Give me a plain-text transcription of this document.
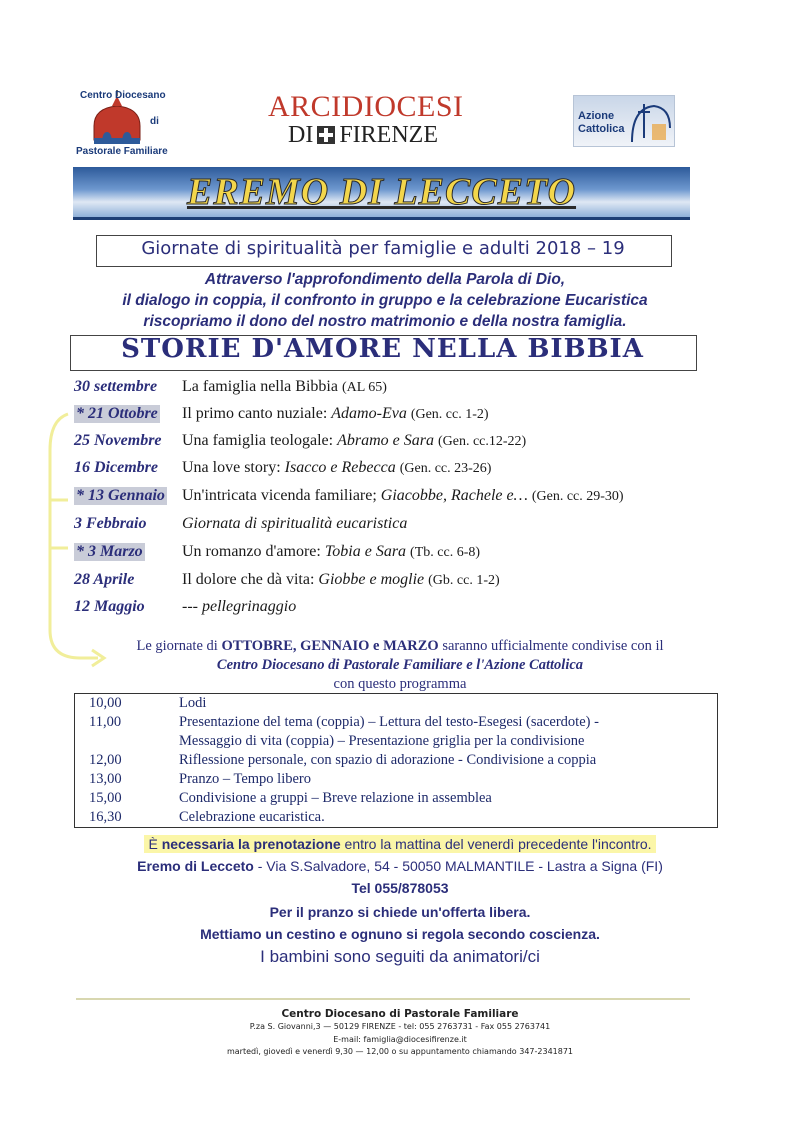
Centro Diocesano
di
Pastorale Familiare
ARCIDIOCESI
DI FIRENZE
Azione
Cattolica
EREMO DI LECCETO
Giornate di spiritualità per famiglie e adulti 2018 – 19
Attraverso l'approfondimento della Parola di Dio,
il dialogo in coppia, il confronto in gruppo e la celebrazione Eucaristica
riscopriamo il dono del nostro matrimonio e della nostra famiglia.
STORIE D'AMORE NELLA BIBBIA
30 settembre La famiglia nella Bibbia (AL 65)
* 21 Ottobre Il primo canto nuziale: Adamo-Eva (Gen. cc. 1-2)
25 Novembre Una famiglia teologale: Abramo e Sara (Gen. cc.12-22)
16 Dicembre Una love story: Isacco e Rebecca (Gen. cc. 23-26)
* 13 Gennaio Un'intricata vicenda familiare; Giacobbe, Rachele e… (Gen. cc. 29-30)
3 Febbraio Giornata di spiritualità eucaristica
* 3 Marzo Un romanzo d'amore: Tobia e Sara (Tb. cc. 6-8)
28 Aprile	Il dolore che dà vita: Giobbe e moglie (Gb. cc. 1-2)
12 Maggio --- pellegrinaggio
Le giornate di OTTOBRE, GENNAIO e MARZO saranno ufficialmente condivise con il
Centro Diocesano di Pastorale Familiare e l'Azione Cattolica
con questo programma
10,00	Lodi
11,00	Presentazione del tema (coppia) – Lettura del testo-Esegesi (sacerdote) -
Messaggio di vita (coppia) – Presentazione griglia per la condivisione
12,00	Riflessione personale, con spazio di adorazione - Condivisione a coppia
13,00	Pranzo – Tempo libero
15,00	Condivisione a gruppi – Breve relazione in assemblea
16,30	Celebrazione eucaristica.
È necessaria la prenotazione entro la mattina del venerdì precedente l'incontro.
Eremo di Lecceto - Via S.Salvadore, 54 - 50050 MALMANTILE - Lastra a Signa (FI)
Tel 055/878053
Per il pranzo si chiede un'offerta libera.
Mettiamo un cestino e ognuno si regola secondo coscienza.
I bambini sono seguiti da animatori/ci
Centro Diocesano di Pastorale Familiare
P.za S. Giovanni,3 — 50129 FIRENZE - tel: 055 2763731 - Fax 055 2763741
E-mail: famiglia@diocesifirenze.it
martedì, giovedì e venerdì 9,30 — 12,00 o su appuntamento chiamando 347-2341871
